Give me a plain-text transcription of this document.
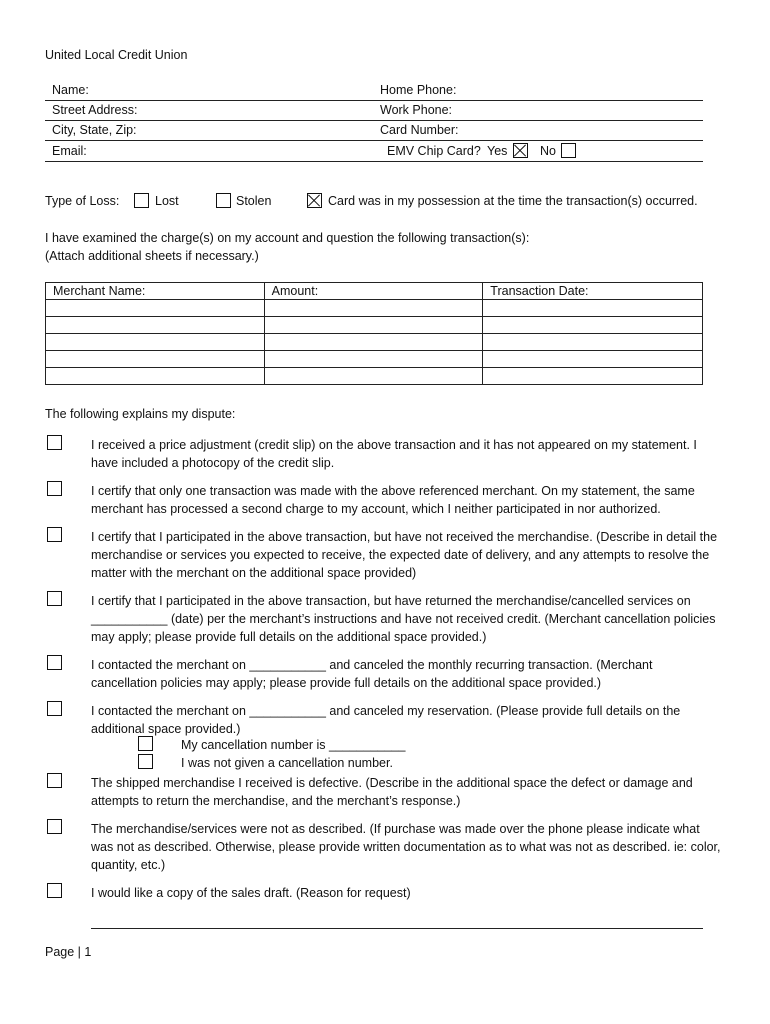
United Local Credit Union
Name:	Home Phone:
Street Address:	Work Phone:
City, State, Zip:	Card Number:
Email:	EMV Chip Card? Yes	No
Type of Loss:	Lost	Stolen	Card was in my possession at the time the transaction(s) occurred.
I have examined the charge(s) on my account and question the following transaction(s):
(Attach additional sheets if necessary.)
Merchant Name:	Amount:	Transaction Date:

The following explains my dispute:
I received a price adjustment (credit slip) on the above transaction and it has not appeared on my statement. I have included a photocopy of the credit slip.
I certify that only one transaction was made with the above referenced merchant. On my statement, the same merchant has processed a second charge to my account, which I neither participated in nor authorized.
I certify that I participated in the above transaction, but have not received the merchandise. (Describe in detail the merchandise or services you expected to receive, the expected date of delivery, and any attempts to resolve the matter with the merchant on the additional space provided)
I certify that I participated in the above transaction, but have returned the merchandise/cancelled services on ___________ (date) per the merchant’s instructions and have not received credit. (Merchant cancellation policies may apply; please provide full details on the additional space provided.)
I contacted the merchant on ___________ and canceled the monthly recurring transaction. (Merchant cancellation policies may apply; please provide full details on the additional space provided.)
I contacted the merchant on ___________ and canceled my reservation. (Please provide full details on the additional space provided.)
My cancellation number is ___________
I was not given a cancellation number.
The shipped merchandise I received is defective. (Describe in the additional space the defect or damage and attempts to return the merchandise, and the merchant’s response.)
The merchandise/services were not as described. (If purchase was made over the phone please indicate what was not as described. Otherwise, please provide written documentation as to what was not as described. ie: color, quantity, etc.)
I would like a copy of the sales draft. (Reason for request)
Page | 1
